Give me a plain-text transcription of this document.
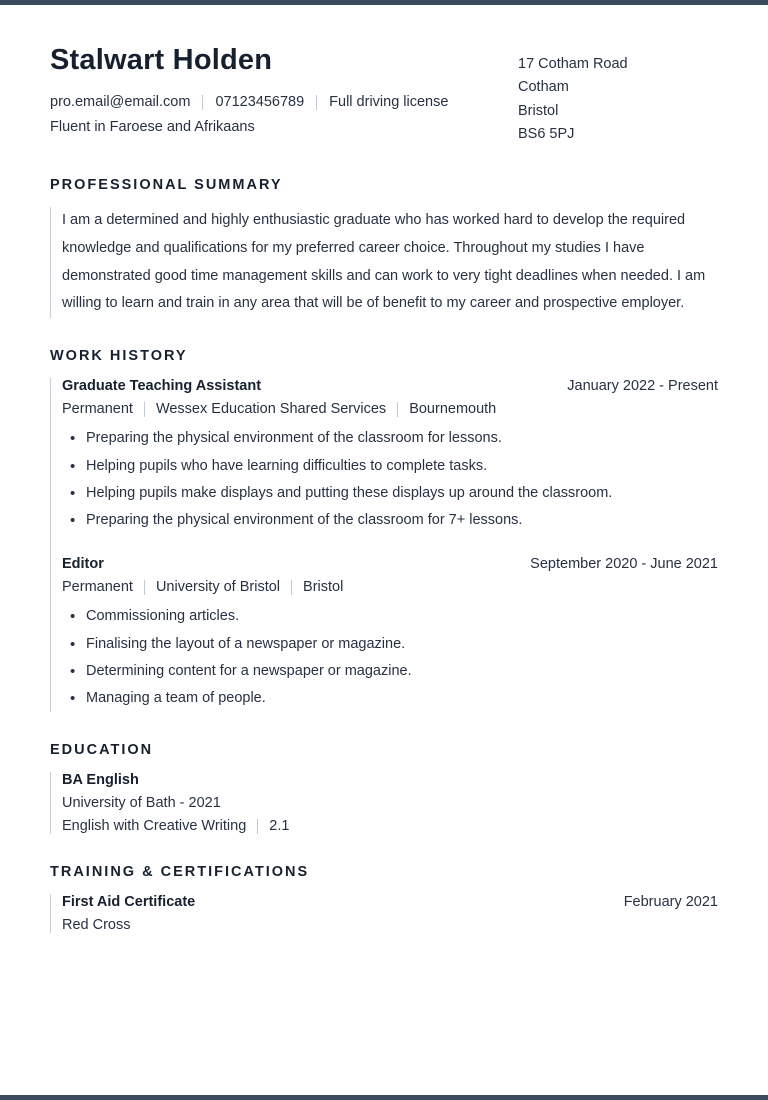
Stalwart Holden
pro.email@email.com 07123456789 Full driving license
Fluent in Faroese and Afrikaans
17 Cotham Road
Cotham
Bristol
BS6 5PJ
PROFESSIONAL SUMMARY

I am a determined and highly enthusiastic graduate who has worked hard to develop the required knowledge and qualifications for my preferred career choice. Throughout my studies I have demonstrated good time management skills and can work to very tight deadlines when needed. I am willing to learn and train in any area that will be of benefit to my career and prospective employer.

WORK HISTORY
Graduate Teaching Assistant	January 2022 - Present
Permanent Wessex Education Shared Services Bournemouth
• Preparing the physical environment of the classroom for lessons.
• Helping pupils who have learning difficulties to complete tasks.
• Helping pupils make displays and putting these displays up around the classroom.
• Preparing the physical environment of the classroom for 7+ lessons.
Editor	September 2020 - June 2021
Permanent University of Bristol Bristol
• Commissioning articles.
• Finalising the layout of a newspaper or magazine.
• Determining content for a newspaper or magazine.
• Managing a team of people.
EDUCATION
BA English
University of Bath - 2021
English with Creative Writing 2.1
TRAINING & CERTIFICATIONS
First Aid Certificate	February 2021
Red Cross
